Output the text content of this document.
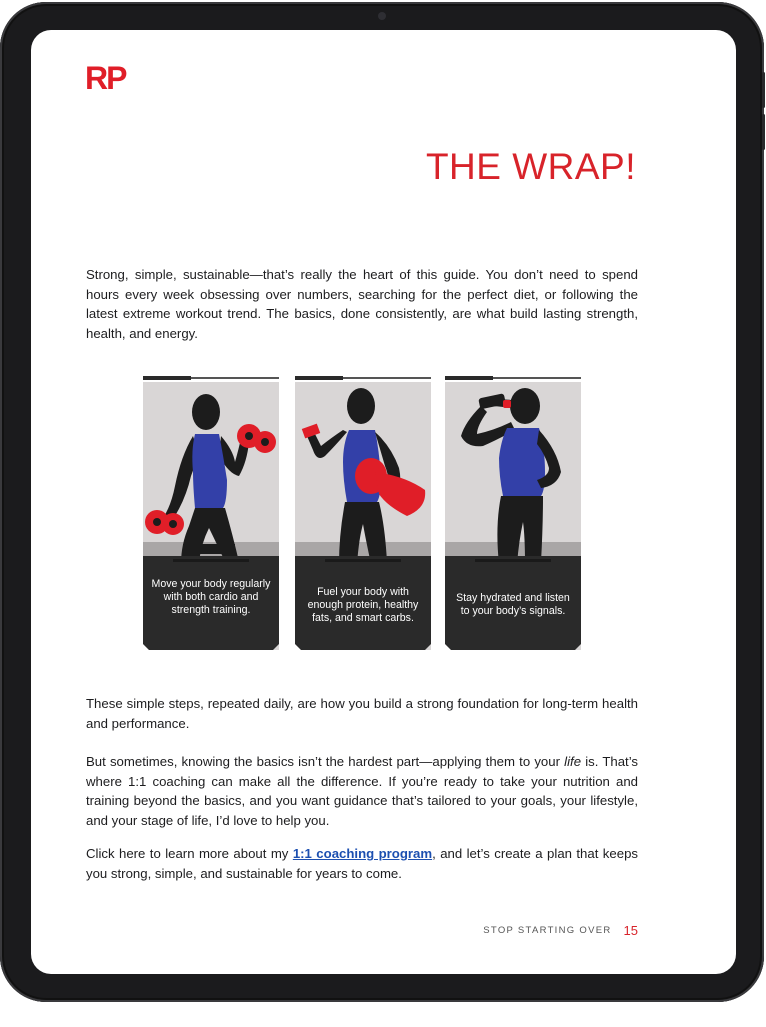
RP
THE WRAP!

Strong, simple, sustainable—that’s really the heart of this guide. You don’t need to spend hours every week obsessing over numbers, searching for the perfect diet, or following the latest extreme workout trend. The basics, done consistently, are what build lasting strength, health, and energy.

Move your body regularly with both cardio and strength training.
Fuel your body with enough protein, healthy fats, and smart carbs.
Stay hydrated and listen to your body’s signals.

These simple steps, repeated daily, are how you build a strong foundation for long-term health and performance.

But sometimes, knowing the basics isn’t the hardest part—applying them to your life is. That’s where 1:1 coaching can make all the difference. If you’re ready to take your nutrition and training beyond the basics, and you want guidance that’s tailored to your goals, your lifestyle, and your stage of life, I’d love to help you.

Click here to learn more about my 1:1 coaching program, and let’s create a plan that keeps you strong, simple, and sustainable for years to come.

STOP STARTING OVER 15
